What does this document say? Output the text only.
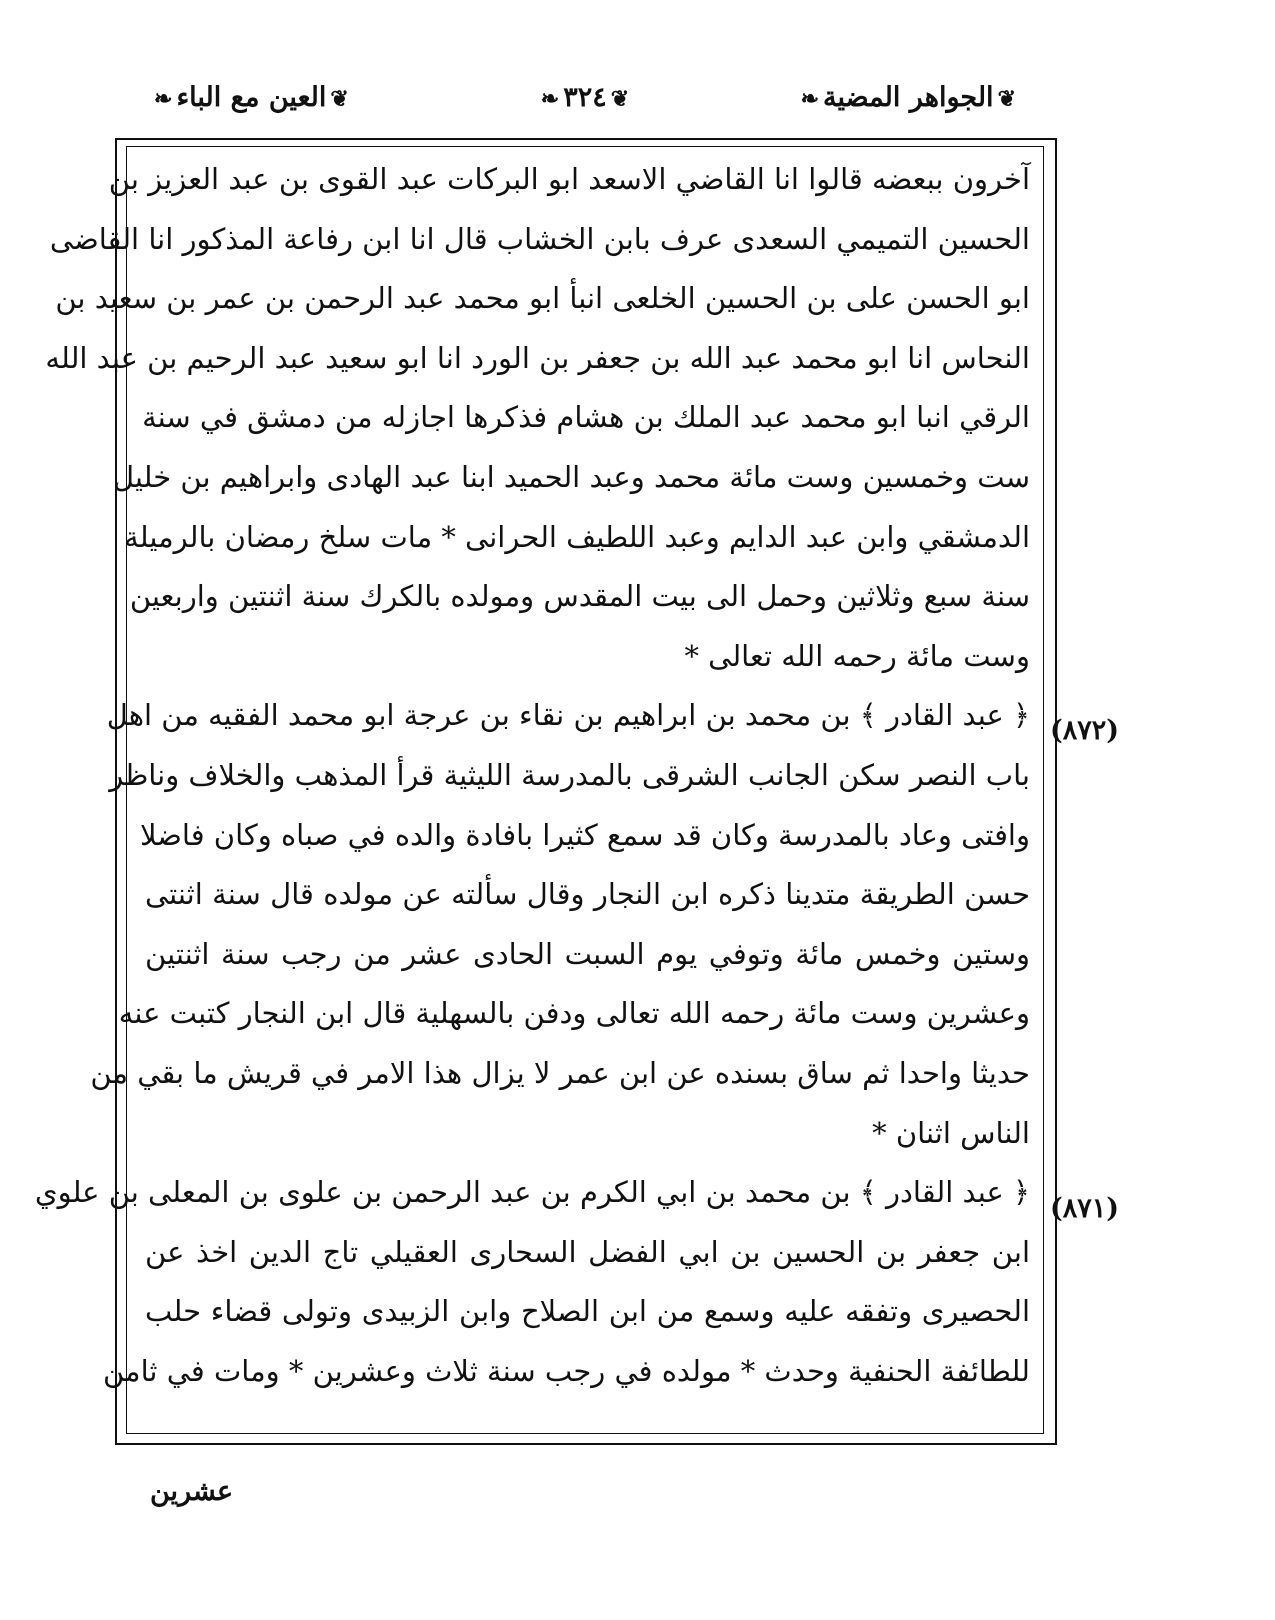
❦الجواهر المضية❧
❦٣٢٤❧
❦العين مع الباء❧
آخرون ببعضه قالوا انا القاضي الاسعد ابو البركات عبد القوى بن عبد العزيز بن
الحسين التميمي السعدى عرف بابن الخشاب قال انا ابن رفاعة المذكور انا القاضى
ابو الحسن على بن الحسين الخلعى انبأ ابو محمد عبد الرحمن بن عمر بن سعيد بن
النحاس انا ابو محمد عبد الله بن جعفر بن الورد انا ابو سعيد عبد الرحيم بن عبد الله
الرقي انبا ابو محمد عبد الملك بن هشام فذكرها اجازله من دمشق في سنة
ست وخمسين وست مائة محمد وعبد الحميد ابنا عبد الهادى وابراهيم بن خليل
الدمشقي وابن عبد الدايم وعبد اللطيف الحرانى * مات سلخ رمضان بالرميلة
سنة سبع وثلاثين وحمل الى بيت المقدس ومولده بالكرك سنة اثنتين واربعين
وست مائة رحمه الله تعالى *
﴿ عبد القادر ﴾ بن محمد بن ابراهيم بن نقاء بن عرجة ابو محمد الفقيه من اهل
باب النصر سكن الجانب الشرقى بالمدرسة الليثية قرأ المذهب والخلاف وناظر
وافتى وعاد بالمدرسة وكان قد سمع كثيرا بافادة والده في صباه وكان فاضلا
حسن الطريقة متدينا ذكره ابن النجار وقال سألته عن مولده قال سنة اثنتى
وستين وخمس مائة وتوفي يوم السبت الحادى عشر من رجب سنة اثنتين
وعشرين وست مائة رحمه الله تعالى ودفن بالسهلية قال ابن النجار كتبت عنه
حديثا واحدا ثم ساق بسنده عن ابن عمر لا يزال هذا الامر في قريش ما بقي من
الناس اثنان *
﴿ عبد القادر ﴾ بن محمد بن ابي الكرم بن عبد الرحمن بن علوى بن المعلى بن علوي
ابن جعفر بن الحسين بن ابي الفضل السحارى العقيلي تاج الدين اخذ عن
الحصيرى وتفقه عليه وسمع من ابن الصلاح وابن الزبيدى وتولى قضاء حلب
للطائفة الحنفية وحدث * مولده في رجب سنة ثلاث وعشرين * ومات في ثامن
(٨٧٢)
(٨٧١)
عشرين
